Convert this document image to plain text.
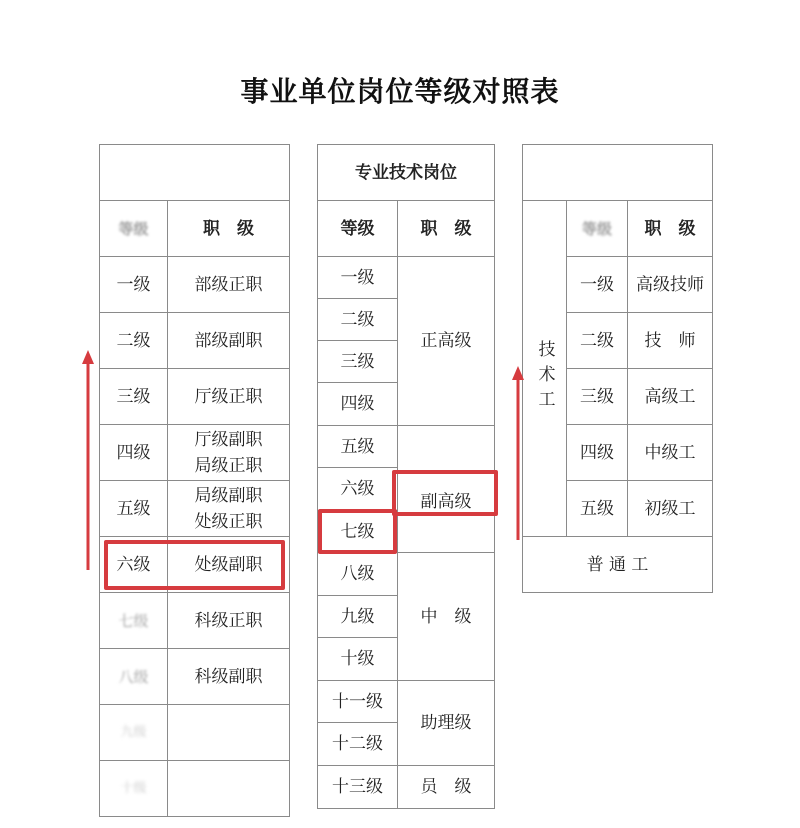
事业单位岗位等级对照表

等级	职　级
一级	部级正职
二级	部级副职
三级	厅级正职
四级	厅级副职
局级正职
五级	局级副职
处级正职
六级	处级副职
七级	科级正职
八级	科级副职
九级	
十级	
专业技术岗位	
等级	职　级
一级	正高级
二级	
三级	
四级	
五级	副高级

六级	
七级	
八级	中　级
九级	
十级	
十一级	助理级
十二级	
十三级	员　级

技术工	等级	职　级
	一级	高级技师
	二级	技　师
	三级	高级工
	四级	中级工
	五级	初级工
普 通 工		
